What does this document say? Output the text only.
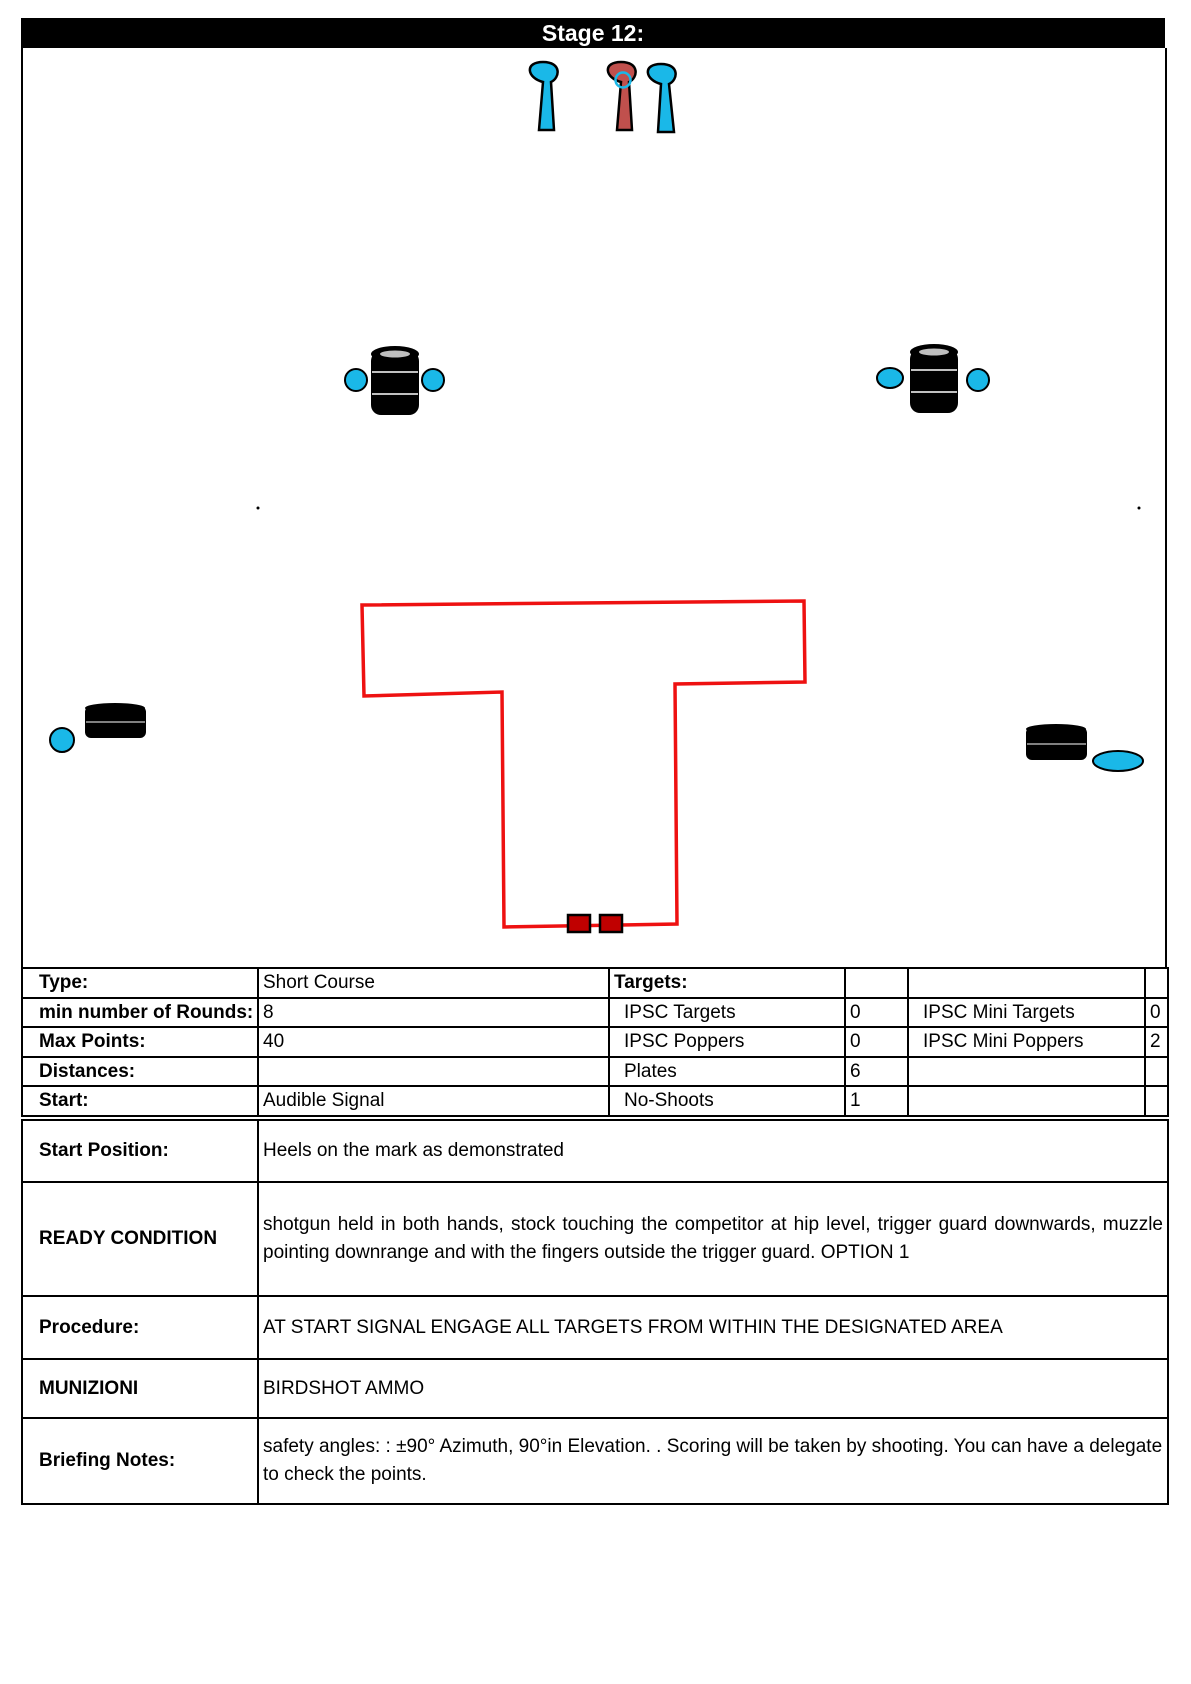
Stage 12:
Type:	Short Course	Targets:			
min number of Rounds:	8	IPSC Targets	0	IPSC Mini Targets	0
Max Points:	40	IPSC Poppers	0	IPSC Mini Poppers	2
Distances:		Plates	6		
Start:	Audible Signal	No-Shoots	1		
Start Position:	Heels on the mark as demonstrated
READY CONDITION	shotgun held in both hands, stock touching the competitor at hip level, trigger guard downwards, muzzle pointing downrange and with the fingers outside the trigger guard. OPTION 1
Procedure:	AT START SIGNAL ENGAGE ALL TARGETS FROM WITHIN THE DESIGNATED AREA
MUNIZIONI	BIRDSHOT AMMO
Briefing Notes:	safety angles: : ±90° Azimuth, 90°in Elevation. . Scoring will be taken by shooting. You can have a delegate to check the points.
